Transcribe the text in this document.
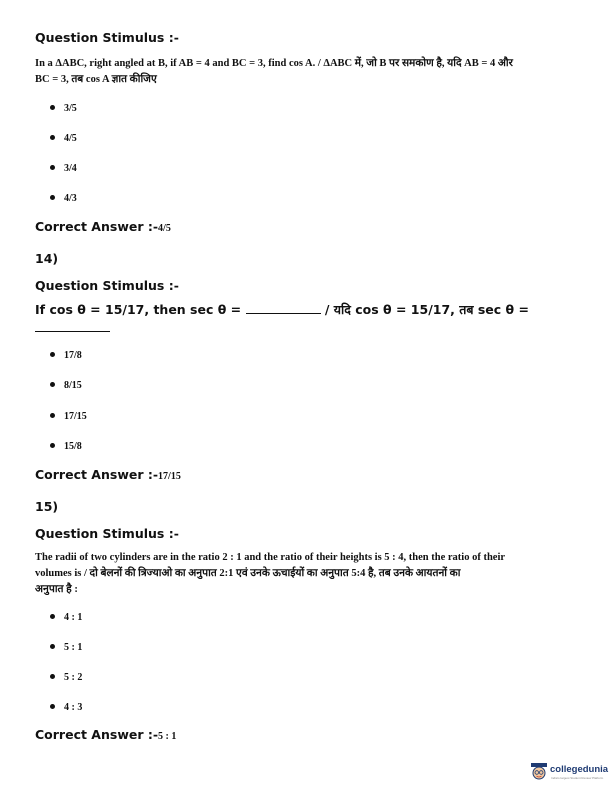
Question Stimulus :-
In a ΔABC, right angled at B, if AB = 4 and BC = 3, find cos A. / ΔABC में, जो B पर समकोण है, यदि AB = 4 और
BC = 3, तब cos A ज्ञात कीजिए
3/5
4/5
3/4
4/3
Correct Answer :-4/5
14)
Question Stimulus :-
If cos θ = 15/17, then sec θ =	/ यदि cos θ = 15/17, तब sec θ =
17/8
8/15
17/15
15/8
Correct Answer :-17/15
15)
Question Stimulus :-
The radii of two cylinders are in the ratio 2 : 1 and the ratio of their heights is 5 : 4, then the ratio of their
volumes is / दो बेलनों की त्रिज्याओ का अनुपात 2:1 एवं उनके ऊचाईयों का अनुपात 5:4 है, तब उनके आयतनों का
अनुपात है :
4 : 1
5 : 1
5 : 2
4 : 3
Correct Answer :-5 : 1
collegedunia
India's largest Student Review Platform
